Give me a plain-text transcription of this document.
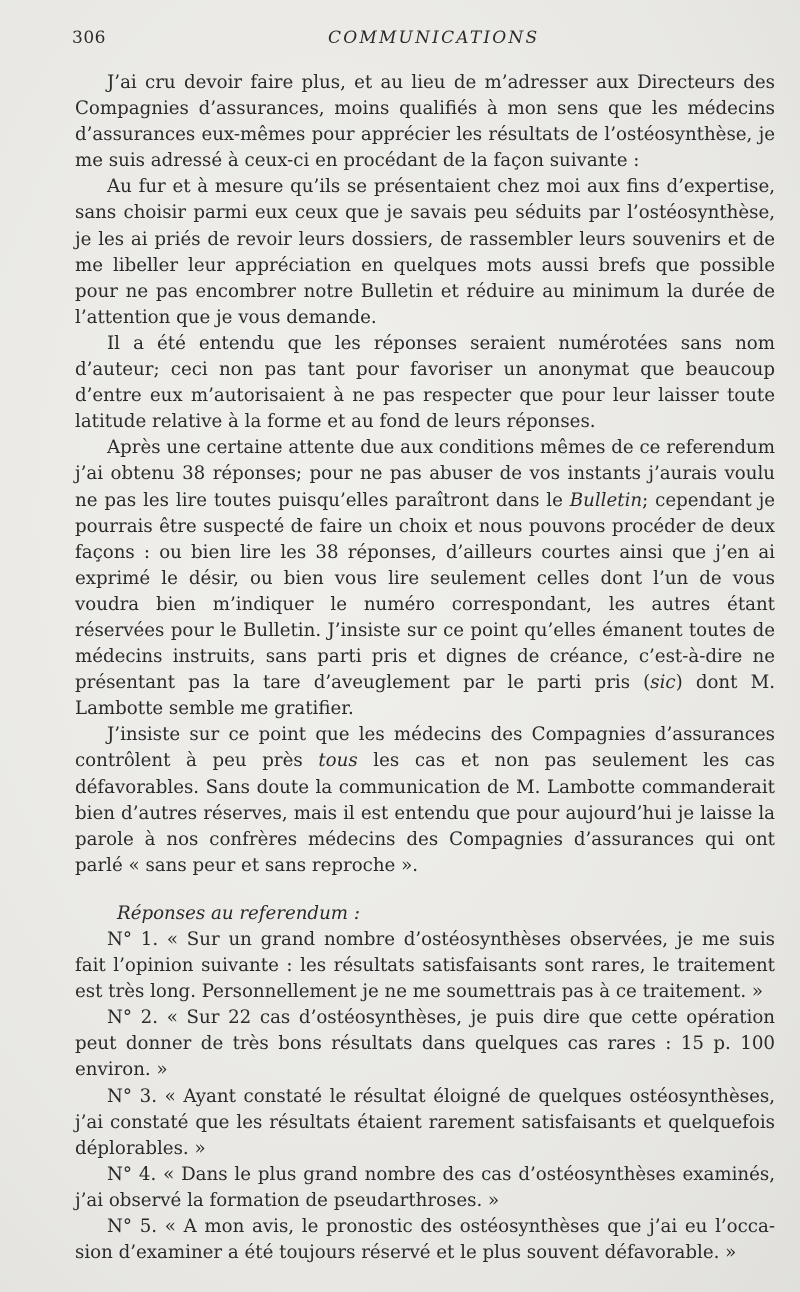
306	COMMUNICATIONS

J’ai cru devoir faire plus, et au lieu de m’adresser aux Directeurs des Compagnies d’assurances, moins qualifiés à mon sens que les médecins d’assurances eux-mêmes pour apprécier les résultats de l’ostéosynthèse, je me suis adressé à ceux-ci en procédant de la façon suivante :

Au fur et à mesure qu’ils se présentaient chez moi aux fins d’expertise, sans choisir parmi eux ceux que je savais peu séduits par l’ostéosynthèse, je les ai priés de revoir leurs dossiers, de rassembler leurs souvenirs et de me libeller leur appréciation en quelques mots aussi brefs que possible pour ne pas encombrer notre Bulletin et réduire au minimum la durée de l’attention que je vous demande.

Il a été entendu que les réponses seraient numérotées sans nom d’auteur; ceci non pas tant pour favoriser un anonymat que beaucoup d’entre eux m’autorisaient à ne pas respecter que pour leur laisser toute latitude relative à la forme et au fond de leurs réponses.

Après une certaine attente due aux conditions mêmes de ce referendum j’ai obtenu 38 réponses; pour ne pas abuser de vos instants j’aurais voulu ne pas les lire toutes puisqu’elles paraîtront dans le Bulletin; cependant je pourrais être suspecté de faire un choix et nous pouvons procéder de deux façons : ou bien lire les 38 réponses, d’ailleurs courtes ainsi que j’en ai exprimé le désir, ou bien vous lire seulement celles dont l’un de vous voudra bien m’indiquer le numéro correspondant, les autres étant réservées pour le Bulletin. J’insiste sur ce point qu’elles émanent toutes de médecins instruits, sans parti pris et dignes de créance, c’est-à-dire ne présentant pas la tare d’aveuglement par le parti pris (sic) dont M. Lambotte semble me gratifier.

J’insiste sur ce point que les médecins des Compagnies d’assurances contrôlent à peu près tous les cas et non pas seulement les cas défavorables. Sans doute la communication de M. Lambotte commanderait bien d’autres réserves, mais il est entendu que pour aujourd’hui je laisse la parole à nos confrères médecins des Compagnies d’assurances qui ont parlé « sans peur et sans reproche ».

Réponses au referendum :

N° 1. « Sur un grand nombre d’ostéosynthèses observées, je me suis fait l’opinion suivante : les résultats satisfaisants sont rares, le traitement est très long. Personnellement je ne me soumettrais pas à ce traitement. »

N° 2. « Sur 22 cas d’ostéosynthèses, je puis dire que cette opération peut donner de très bons résultats dans quelques cas rares : 15 p. 100 environ. »

N° 3. « Ayant constaté le résultat éloigné de quelques ostéosynthèses, j’ai constaté que les résultats étaient rarement satisfaisants et quelquefois déplorables. »

N° 4. « Dans le plus grand nombre des cas d’ostéosynthèses examinés, j’ai observé la formation de pseudarthroses. »

N° 5. « A mon avis, le pronostic des ostéosynthèses que j’ai eu l’occasion d’examiner a été toujours réservé et le plus souvent défavorable. »
